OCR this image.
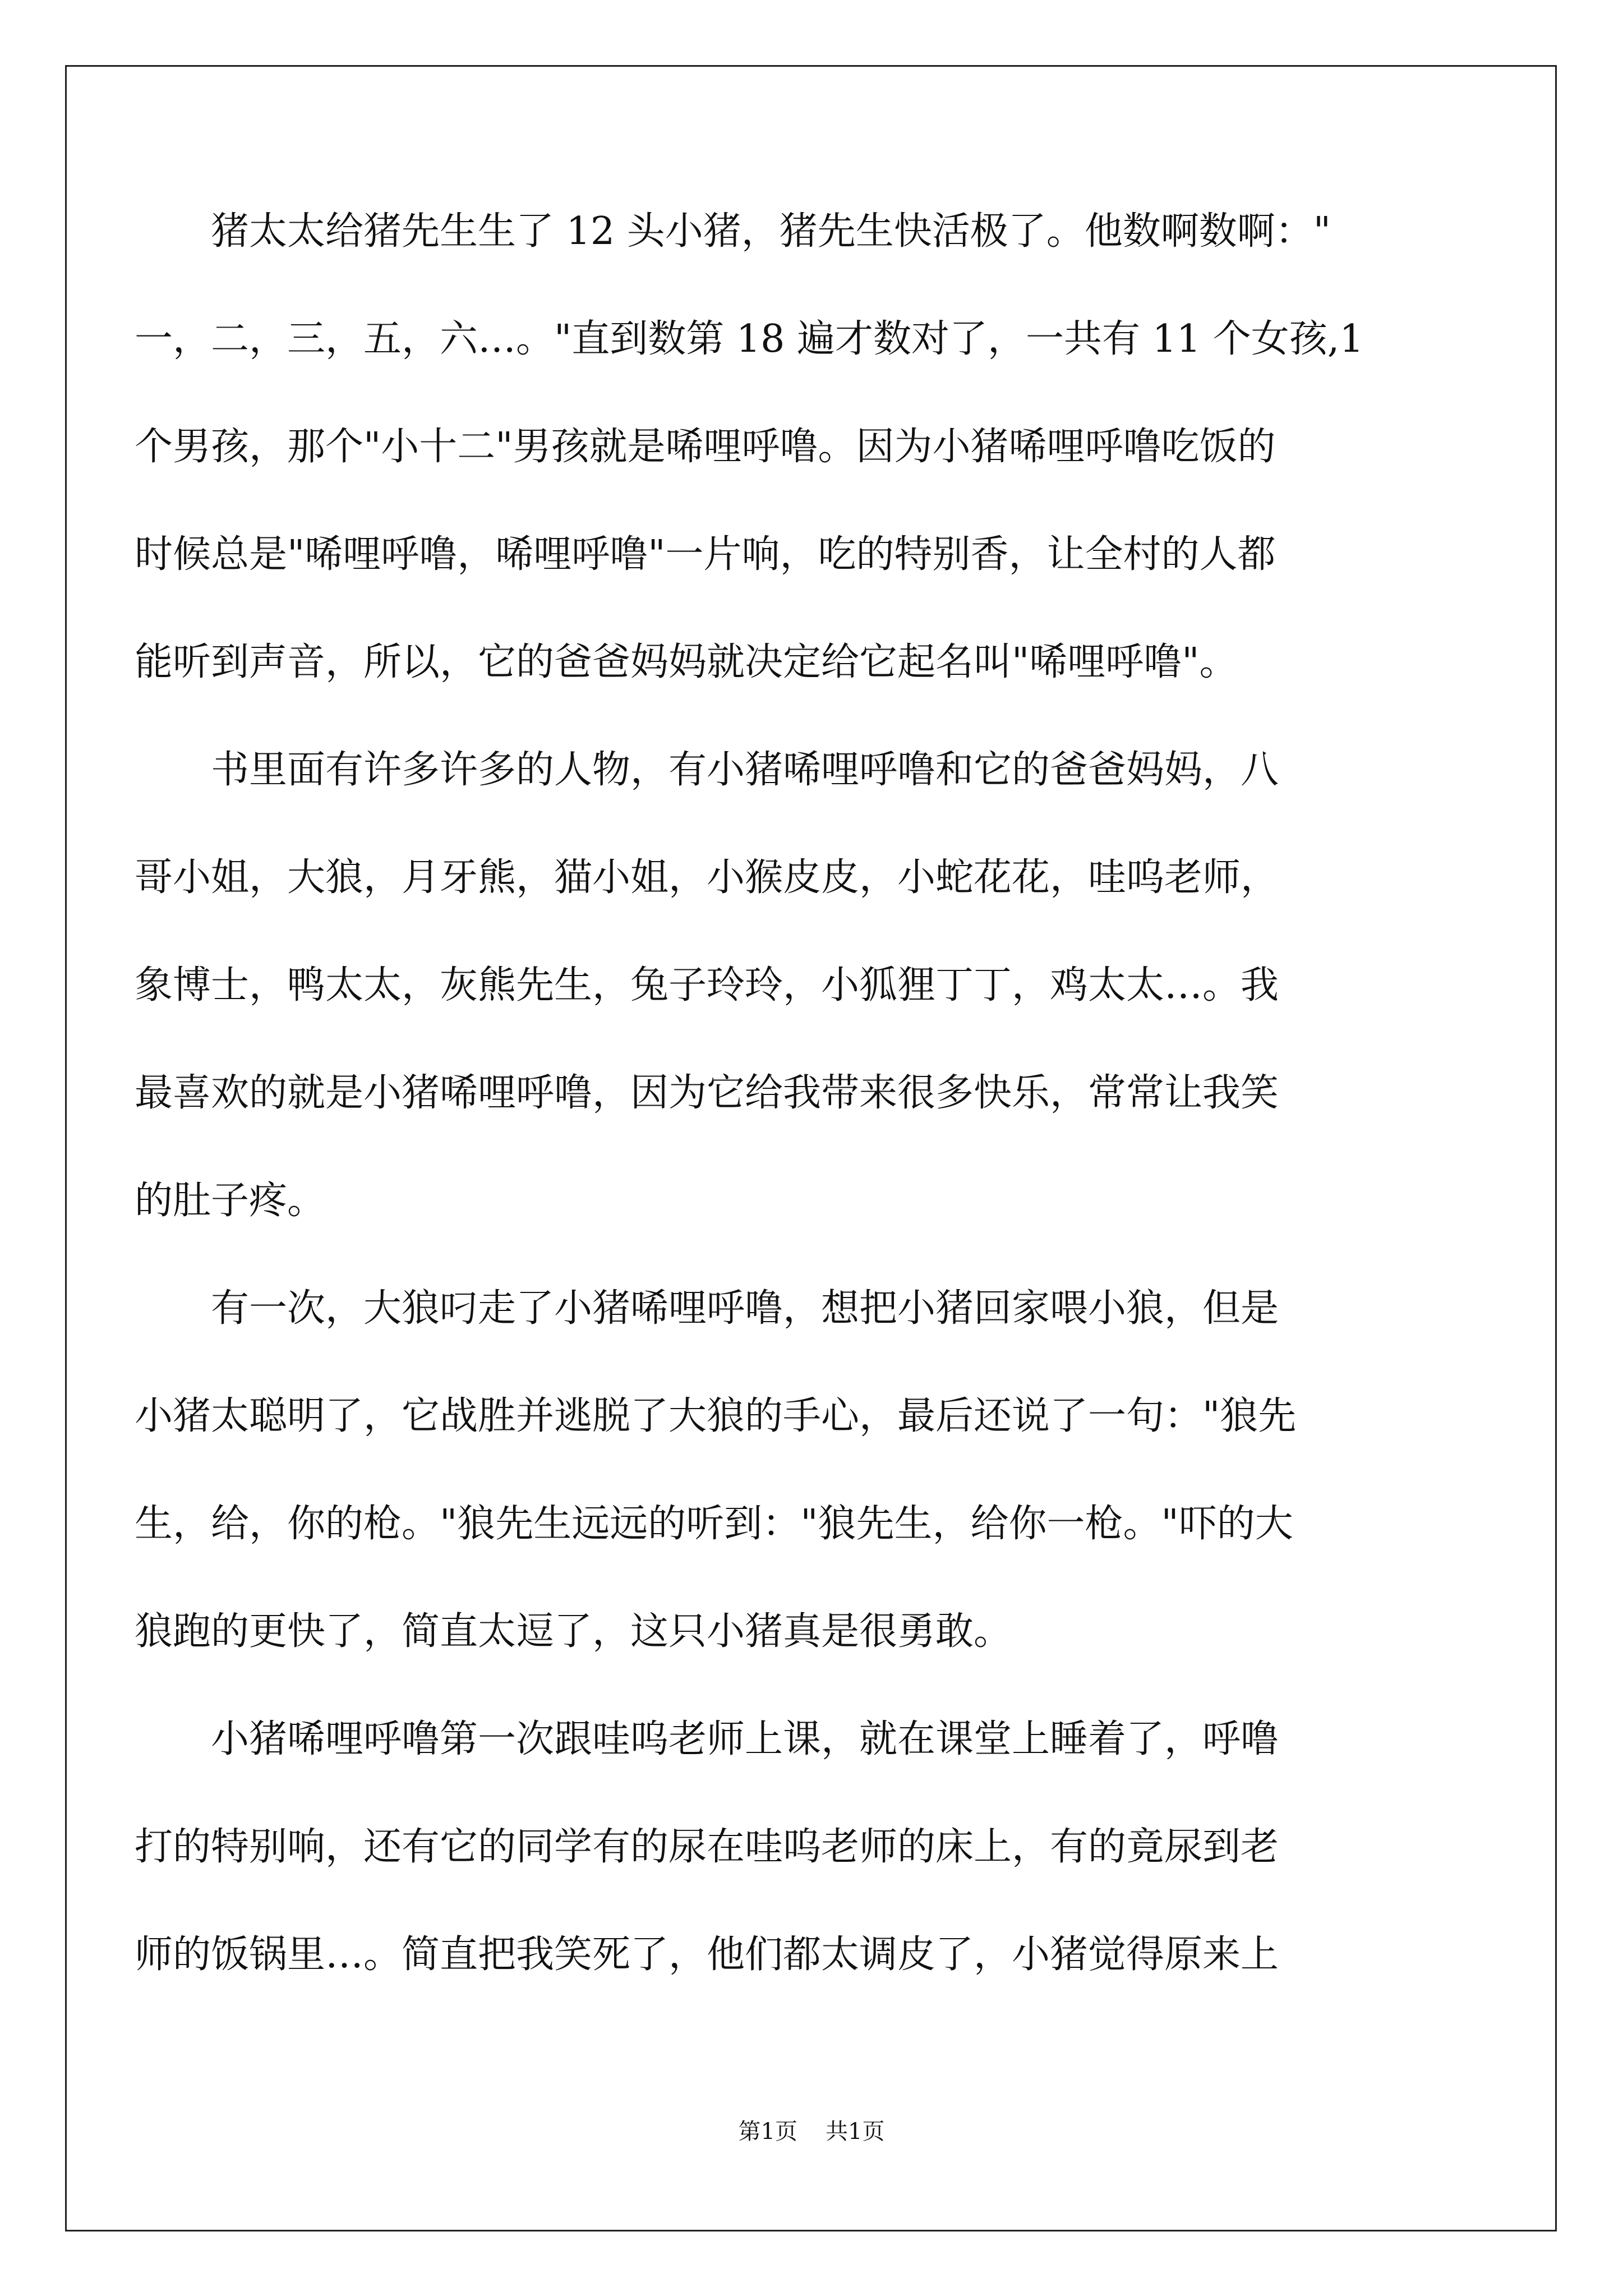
猪太太给猪先生生了 12 头小猪，猪先生快活极了。他数啊数啊："
一，二，三，五，六…。"直到数第 18 遍才数对了，一共有 11 个女孩,1
个男孩，那个"小十二"男孩就是唏哩呼噜。因为小猪唏哩呼噜吃饭的
时候总是"唏哩呼噜，唏哩呼噜"一片响，吃的特别香，让全村的人都
能听到声音，所以，它的爸爸妈妈就决定给它起名叫"唏哩呼噜"。
书里面有许多许多的人物，有小猪唏哩呼噜和它的爸爸妈妈，八
哥小姐，大狼，月牙熊，猫小姐，小猴皮皮，小蛇花花，哇呜老师，
象博士，鸭太太，灰熊先生，兔子玲玲，小狐狸丁丁，鸡太太…。我
最喜欢的就是小猪唏哩呼噜，因为它给我带来很多快乐，常常让我笑
的肚子疼。
有一次，大狼叼走了小猪唏哩呼噜，想把小猪回家喂小狼，但是
小猪太聪明了，它战胜并逃脱了大狼的手心，最后还说了一句："狼先
生，给，你的枪。"狼先生远远的听到："狼先生，给你一枪。"吓的大
狼跑的更快了，简直太逗了，这只小猪真是很勇敢。
小猪唏哩呼噜第一次跟哇呜老师上课，就在课堂上睡着了，呼噜
打的特别响，还有它的同学有的尿在哇呜老师的床上，有的竟尿到老
师的饭锅里…。简直把我笑死了，他们都太调皮了，小猪觉得原来上
第1页 共1页
